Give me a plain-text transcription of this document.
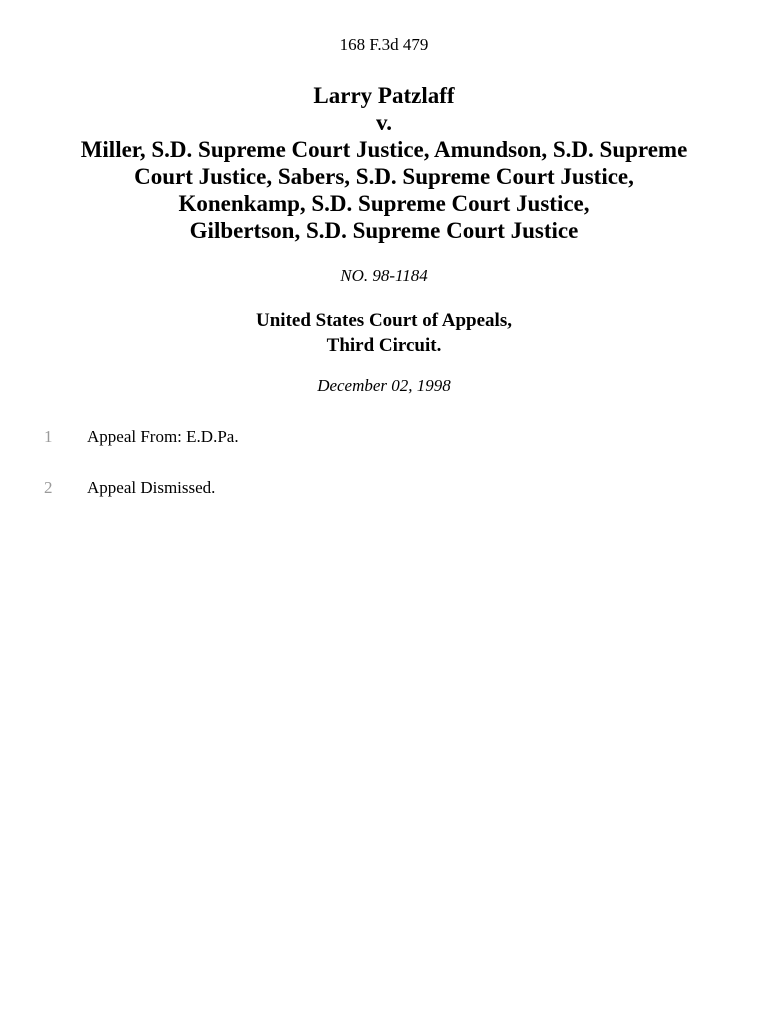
168 F.3d 479
Larry Patzlaff
v.
Miller, S.D. Supreme Court Justice, Amundson, S.D. Supreme
Court Justice, Sabers, S.D. Supreme Court Justice,
Konenkamp, S.D. Supreme Court Justice,
Gilbertson, S.D. Supreme Court Justice
NO. 98-1184
United States Court of Appeals,
Third Circuit.
December 02, 1998
1	Appeal From: E.D.Pa.
2	Appeal Dismissed.
